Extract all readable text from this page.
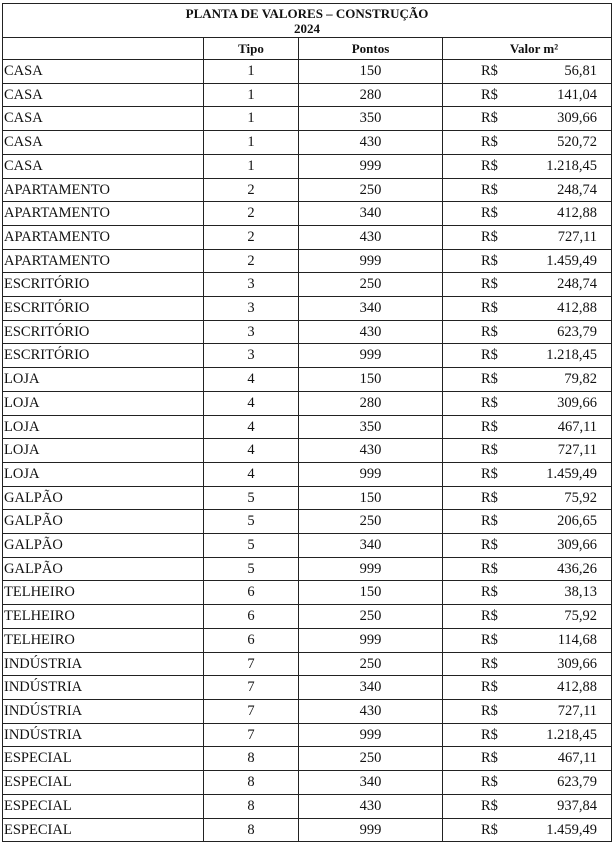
PLANTA DE VALORES – CONSTRUÇÃO
2024			

	Tipo	Pontos	Valor m²
CASA	1	150	R$ 56,81

CASA	1	280	R$ 141,04

CASA	1	350	R$ 309,66

CASA	1	430	R$ 520,72

CASA	1	999	R$ 1.218,45

APARTAMENTO	2	250	R$ 248,74

APARTAMENTO	2	340	R$ 412,88

APARTAMENTO	2	430	R$ 727,11

APARTAMENTO	2	999	R$ 1.459,49

ESCRITÓRIO	3	250	R$ 248,74

ESCRITÓRIO	3	340	R$ 412,88

ESCRITÓRIO	3	430	R$ 623,79

ESCRITÓRIO	3	999	R$ 1.218,45

LOJA	4	150	R$ 79,82

LOJA	4	280	R$ 309,66

LOJA	4	350	R$ 467,11

LOJA	4	430	R$ 727,11

LOJA	4	999	R$ 1.459,49

GALPÃO	5	150	R$ 75,92

GALPÃO	5	250	R$ 206,65

GALPÃO	5	340	R$ 309,66

GALPÃO	5	999	R$ 436,26

TELHEIRO	6	150	R$ 38,13

TELHEIRO	6	250	R$ 75,92

TELHEIRO	6	999	R$ 114,68

INDÚSTRIA	7	250	R$ 309,66

INDÚSTRIA	7	340	R$ 412,88

INDÚSTRIA	7	430	R$ 727,11

INDÚSTRIA	7	999	R$ 1.218,45

ESPECIAL	8	250	R$ 467,11

ESPECIAL	8	340	R$ 623,79

ESPECIAL	8	430	R$ 937,84

ESPECIAL	8	999	R$ 1.459,49
